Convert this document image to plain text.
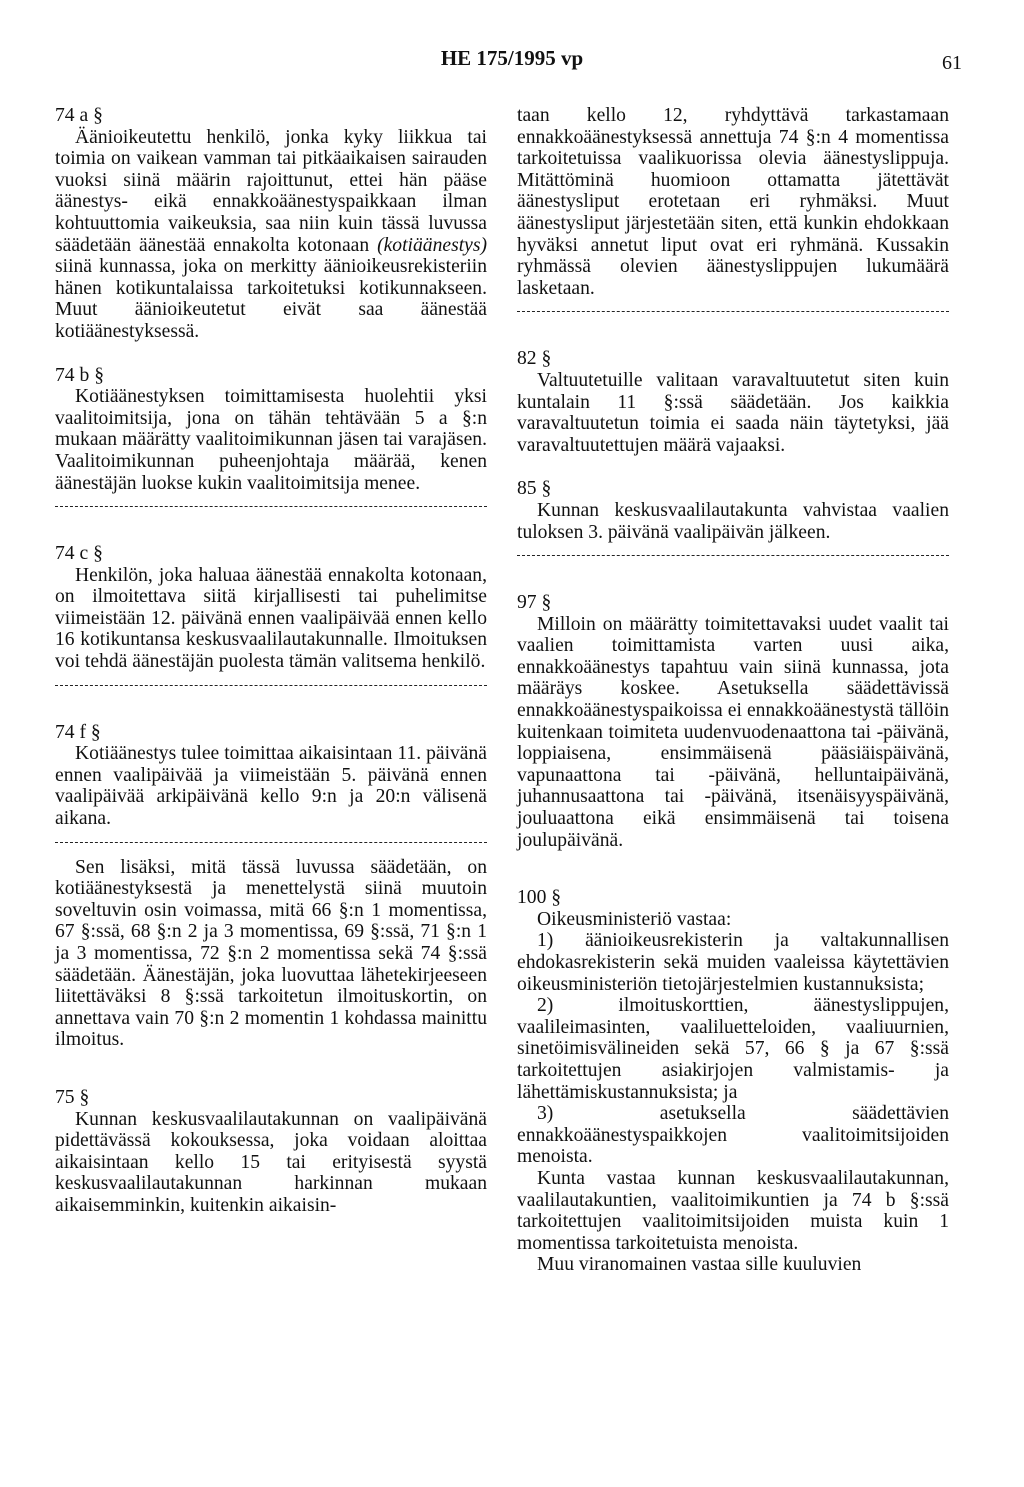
HE 175/1995 vp	61

74 a §

Äänioikeutettu henkilö, jonka kyky liikkua tai toimia on vaikean vamman tai pitkäaikaisen sairauden vuoksi siinä määrin rajoittunut, ettei hän pääse äänestys- eikä ennakkoäänestyspaikkaan ilman kohtuuttomia vaikeuksia, saa niin kuin tässä luvussa säädetään äänestää ennakolta kotonaan (kotiäänestys) siinä kunnassa, joka on merkitty äänioikeusrekisteriin hänen kotikuntalaissa tarkoitetuksi kotikunnakseen. Muut äänioikeutetut eivät saa äänestää kotiäänestyksessä.

74 b §

Kotiäänestyksen toimittamisesta huolehtii yksi vaalitoimitsija, jona on tähän tehtävään 5 a §:n mukaan määrätty vaalitoimikunnan jäsen tai varajäsen. Vaalitoimikunnan puheenjohtaja määrää, kenen äänestäjän luokse kukin vaalitoimitsija menee.

74 c §

Henkilön, joka haluaa äänestää ennakolta kotonaan, on ilmoitettava siitä kirjallisesti tai puhelimitse viimeistään 12. päivänä ennen vaalipäivää ennen kello 16 kotikuntansa keskusvaalilautakunnalle. Ilmoituksen voi tehdä äänestäjän puolesta tämän valitsema henkilö.

74 f §

Kotiäänestys tulee toimittaa aikaisintaan 11. päivänä ennen vaalipäivää ja viimeistään 5. päivänä ennen vaalipäivää arkipäivänä kello 9:n ja 20:n välisenä aikana.

Sen lisäksi, mitä tässä luvussa säädetään, on kotiäänestyksestä ja menettelystä siinä muutoin soveltuvin osin voimassa, mitä 66 §:n 1 momentissa, 67 §:ssä, 68 §:n 2 ja 3 momentissa, 69 §:ssä, 71 §:n 1 ja 3 momentissa, 72 §:n 2 momentissa sekä 74 §:ssä säädetään. Äänestäjän, joka luovuttaa lähetekirjeeseen liitettäväksi 8 §:ssä tarkoitetun ilmoituskortin, on annettava vain 70 §:n 2 momentin 1 kohdassa mainittu ilmoitus.

75 §

Kunnan keskusvaalilautakunnan on vaalipäivänä pidettävässä kokouksessa, joka voidaan aloittaa aikaisintaan kello 15 tai erityisestä syystä keskusvaalilautakunnan harkinnan mukaan aikaisemminkin, kuitenkin aikaisin-

taan kello 12, ryhdyttävä tarkastamaan ennakkoäänestyksessä annettuja 74 §:n 4 momentissa tarkoitetuissa vaalikuorissa olevia äänestyslippuja. Mitättöminä huomioon ottamatta jätettävät äänestysliput erotetaan eri ryhmäksi. Muut äänestysliput järjestetään siten, että kunkin ehdokkaan hyväksi annetut liput ovat eri ryhmänä. Kussakin ryhmässä olevien äänestyslippujen lukumäärä lasketaan.

82 §

Valtuutetuille valitaan varavaltuutetut siten kuin kuntalain 11 §:ssä säädetään. Jos kaikkia varavaltuutetun toimia ei saada näin täytetyksi, jää varavaltuutettujen määrä vajaaksi.

85 §

Kunnan keskusvaalilautakunta vahvistaa vaalien tuloksen 3. päivänä vaalipäivän jälkeen.

97 §

Milloin on määrätty toimitettavaksi uudet vaalit tai vaalien toimittamista varten uusi aika, ennakkoäänestys tapahtuu vain siinä kunnassa, jota määräys koskee. Asetuksella säädettävissä ennakkoäänestyspaikoissa ei ennakkoäänestystä tällöin kuitenkaan toimiteta uudenvuodenaattona tai -päivänä, loppiaisena, ensimmäisenä pääsiäispäivänä, vapunaattona tai -päivänä, helluntaipäivänä, juhannusaattona tai -päivänä, itsenäisyyspäivänä, jouluaattona eikä ensimmäisenä tai toisena joulupäivänä.

100 §

Oikeusministeriö vastaa:

1) äänioikeusrekisterin ja valtakunnallisen ehdokasrekisterin sekä muiden vaaleissa käytettävien oikeusministeriön tietojärjestelmien kustannuksista;

2) ilmoituskorttien, äänestyslippujen, vaalileimasinten, vaaliluetteloiden, vaaliuurnien, sinetöimisvälineiden sekä 57, 66 § ja 67 §:ssä tarkoitettujen asiakirjojen valmistamis- ja lähettämiskustannuksista; ja

3) asetuksella säädettävien ennakkoäänestyspaikkojen vaalitoimitsijoiden menoista.

Kunta vastaa kunnan keskusvaalilautakunnan, vaalilautakuntien, vaalitoimikuntien ja 74 b §:ssä tarkoitettujen vaalitoimitsijoiden muista kuin 1 momentissa tarkoitetuista menoista.

Muu viranomainen vastaa sille kuuluvien
